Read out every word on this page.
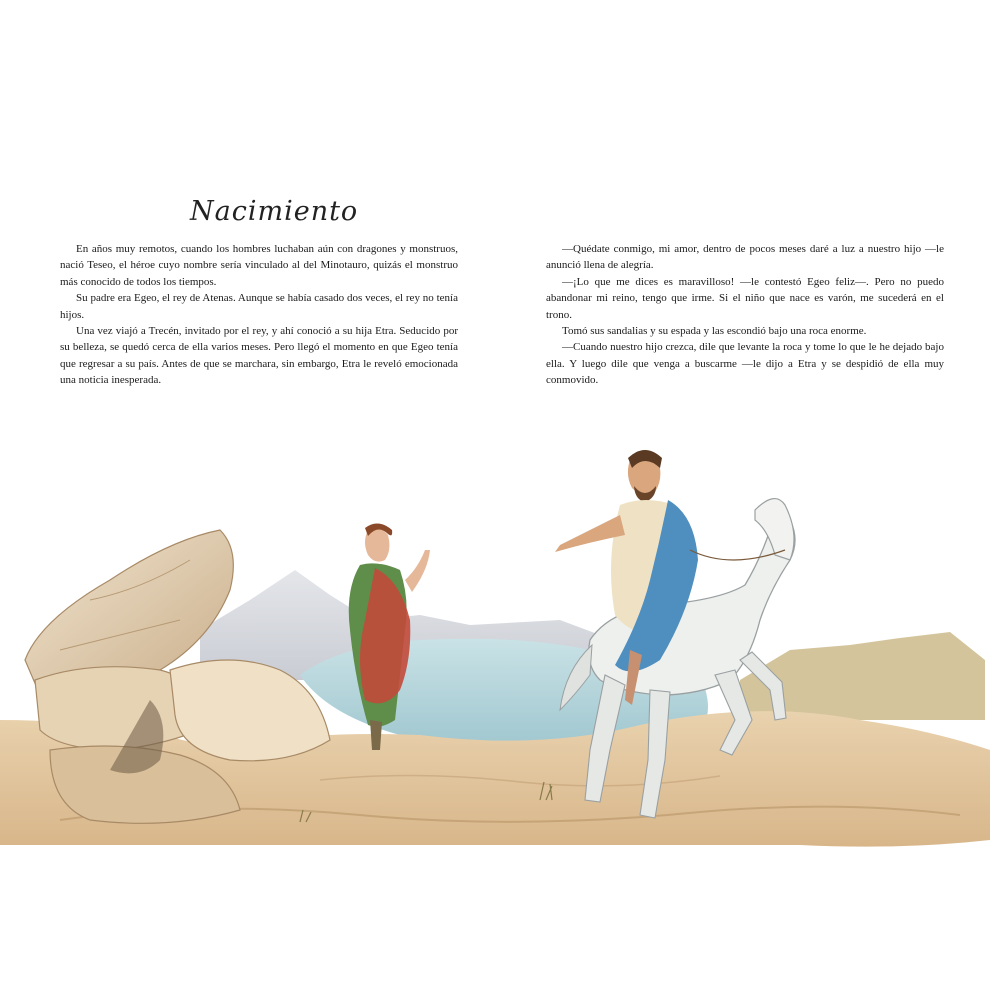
Nacimiento

En años muy remotos, cuando los hombres luchaban aún con dragones y monstruos, nació Teseo, el héroe cuyo nombre sería vinculado al del Minotauro, quizás el monstruo más conocido de todos los tiempos.

Su padre era Egeo, el rey de Atenas. Aunque se había casado dos veces, el rey no tenía hijos.

Una vez viajó a Trecén, invitado por el rey, y ahí conoció a su hija Etra. Seducido por su belleza, se quedó cerca de ella varios meses. Pero llegó el momento en que Egeo tenía que regresar a su país. Antes de que se marchara, sin embargo, Etra le reveló emocionada una noticia inesperada.

—Quédate conmigo, mi amor, dentro de pocos meses daré a luz a nuestro hijo —le anunció llena de alegría.

—¡Lo que me dices es maravilloso! —le contestó Egeo feliz—. Pero no puedo abandonar mi reino, tengo que irme. Si el niño que nace es varón, me sucederá en el trono.

Tomó sus sandalias y su espada y las escondió bajo una roca enorme.

—Cuando nuestro hijo crezca, dile que levante la roca y tome lo que le he dejado bajo ella. Y luego dile que venga a buscarme —le dijo a Etra y se despidió de ella muy conmovido.
